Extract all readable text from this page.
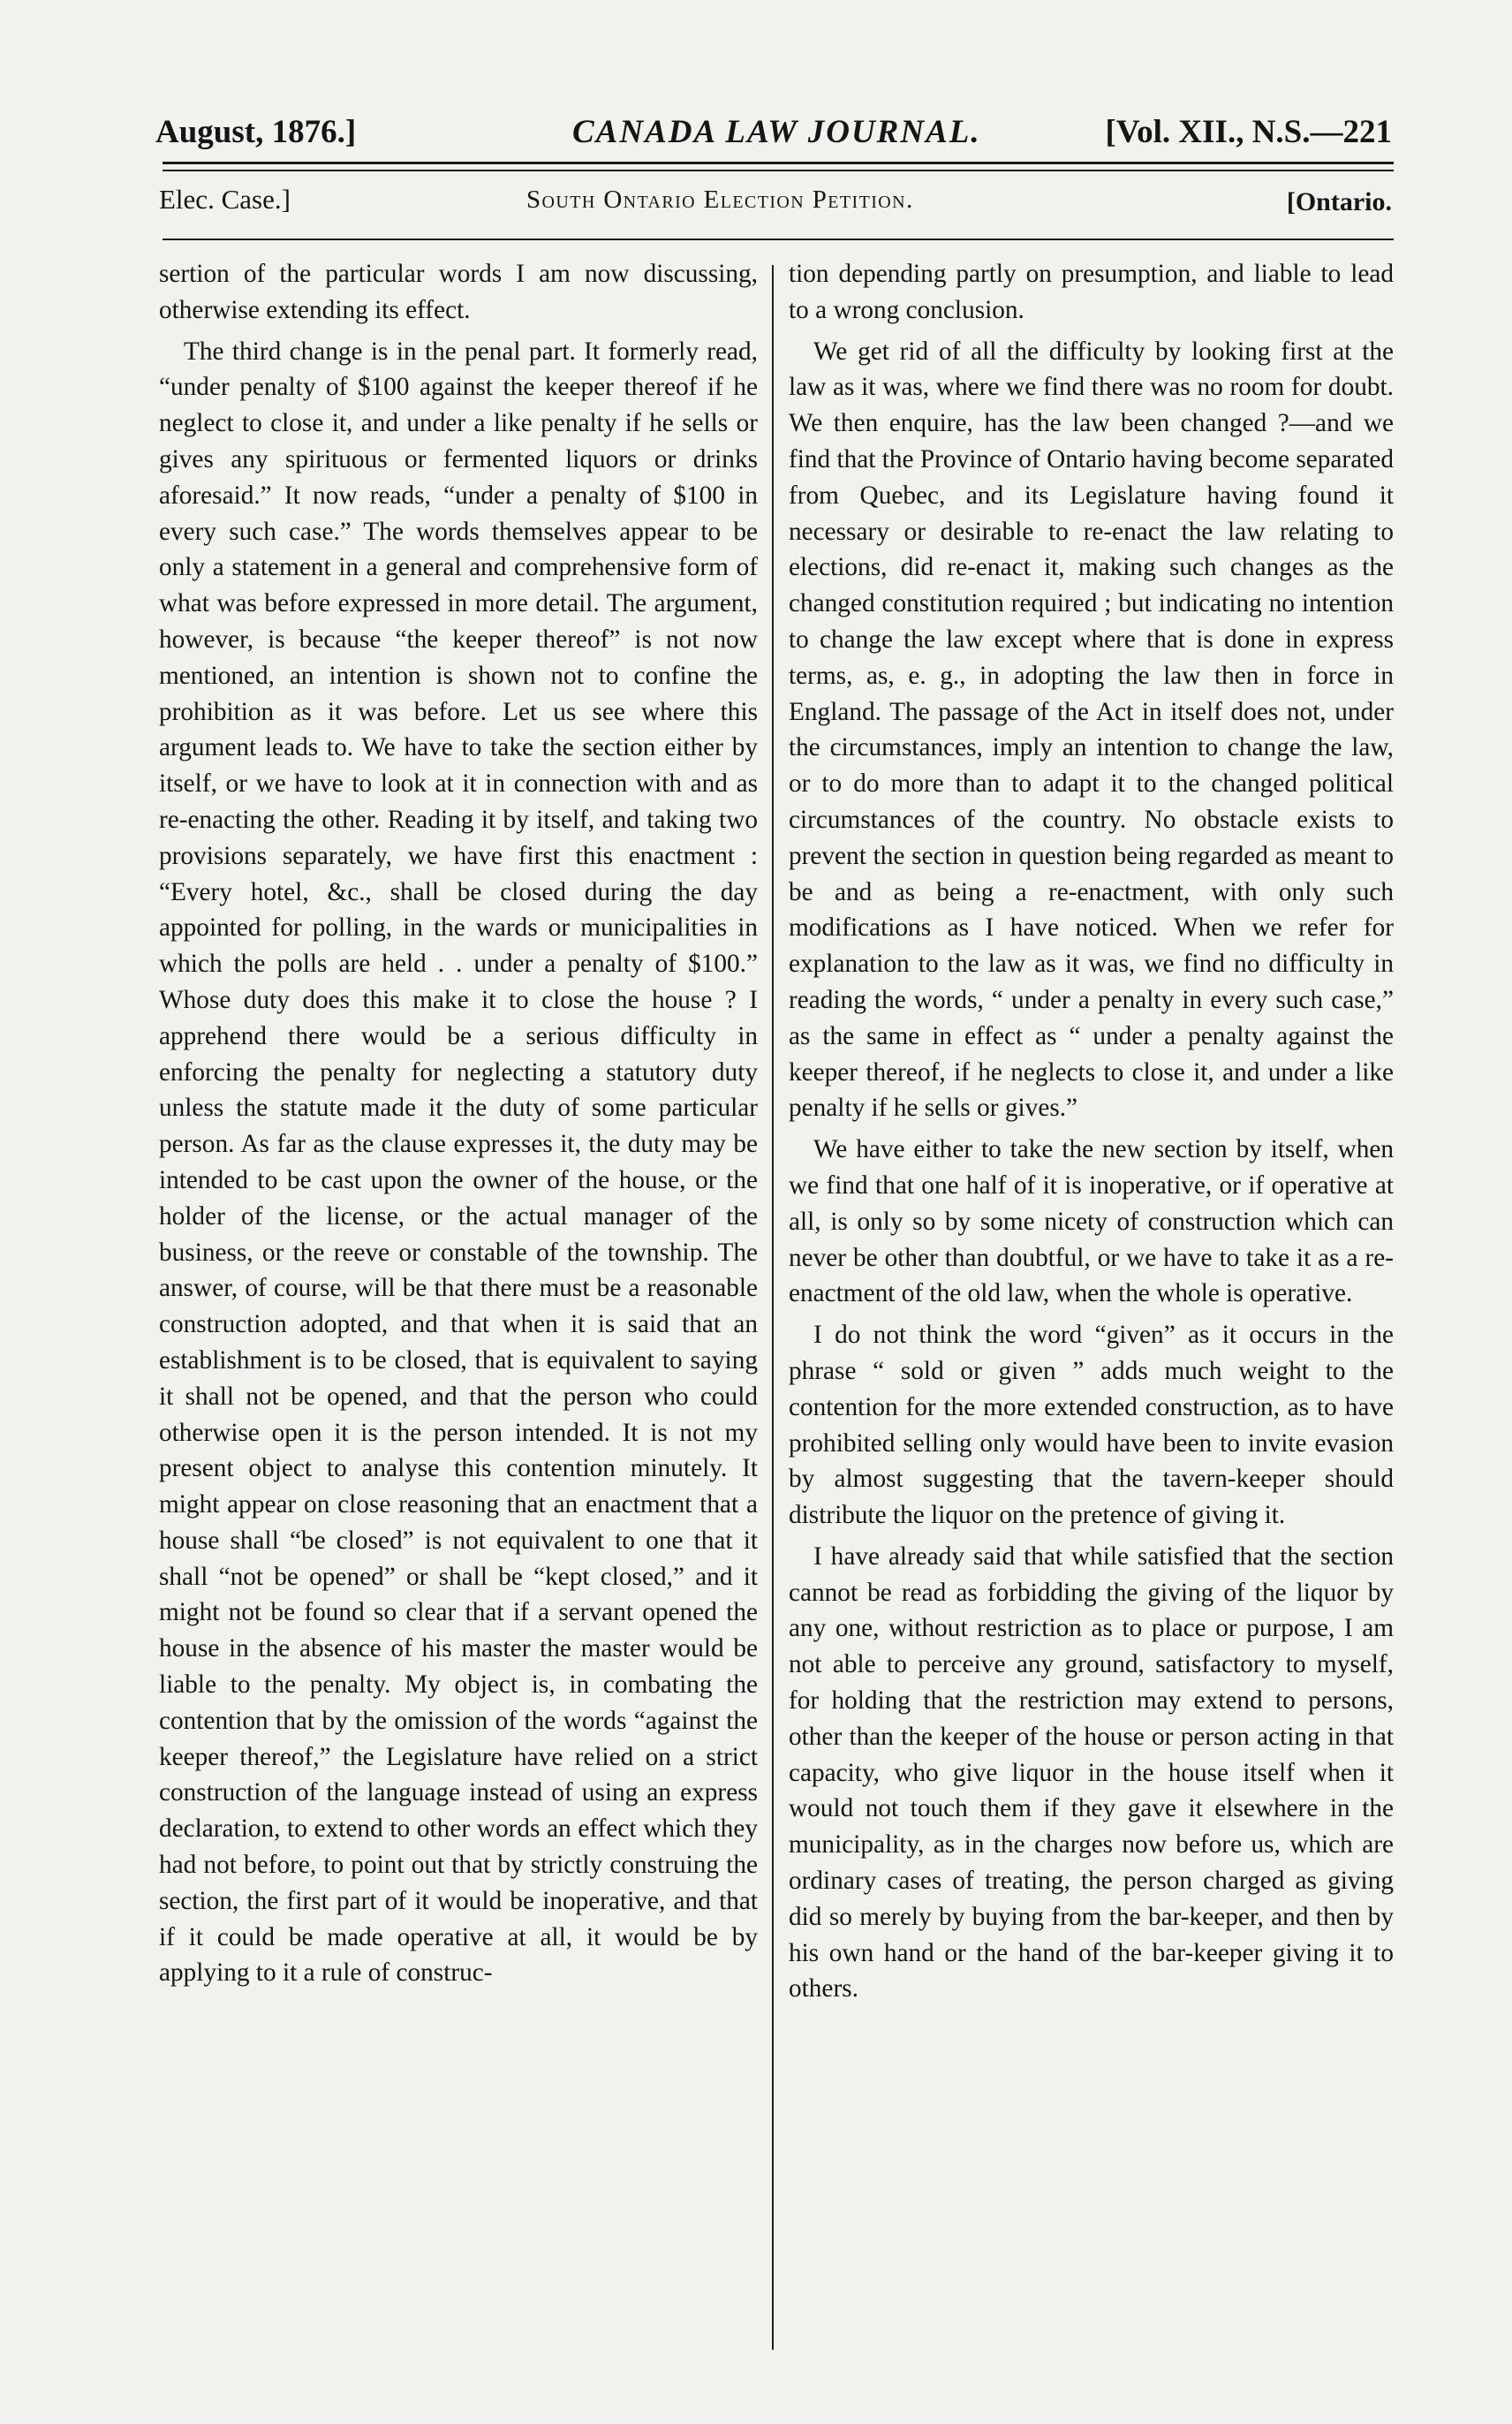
August, 1876.]	CANADA LAW JOURNAL.	[Vol. XII., N.S.—221
Elec. Case.]	South Ontario Election Petition.	[Ontario.

sertion of the particular words I am now discussing, otherwise extending its effect.

The third change is in the penal part. It formerly read, “under penalty of $100 against the keeper thereof if he neglect to close it, and under a like penalty if he sells or gives any spirituous or fermented liquors or drinks aforesaid.” It now reads, “under a penalty of $100 in every such case.” The words themselves appear to be only a statement in a general and comprehensive form of what was before expressed in more detail. The argument, however, is because “the keeper thereof” is not now mentioned, an intention is shown not to confine the prohibition as it was before. Let us see where this argument leads to. We have to take the section either by itself, or we have to look at it in connection with and as re-enacting the other. Reading it by itself, and taking two provisions separately, we have first this enactment : “Every hotel, &c., shall be closed during the day appointed for polling, in the wards or municipalities in which the polls are held . . under a penalty of $100.” Whose duty does this make it to close the house ? I apprehend there would be a serious difficulty in enforcing the penalty for neglecting a statutory duty unless the statute made it the duty of some particular person. As far as the clause expresses it, the duty may be intended to be cast upon the owner of the house, or the holder of the license, or the actual manager of the business, or the reeve or constable of the township. The answer, of course, will be that there must be a reasonable construction adopted, and that when it is said that an establishment is to be closed, that is equivalent to saying it shall not be opened, and that the person who could otherwise open it is the person intended. It is not my present object to analyse this contention minutely. It might appear on close reasoning that an enactment that a house shall “be closed” is not equivalent to one that it shall “not be opened” or shall be “kept closed,” and it might not be found so clear that if a servant opened the house in the absence of his master the master would be liable to the penalty. My object is, in combating the contention that by the omission of the words “against the keeper thereof,” the Legislature have relied on a strict construction of the language instead of using an express declaration, to extend to other words an effect which they had not before, to point out that by strictly construing the section, the first part of it would be inoperative, and that if it could be made operative at all, it would be by applying to it a rule of construc-

tion depending partly on presumption, and liable to lead to a wrong conclusion.

We get rid of all the difficulty by looking first at the law as it was, where we find there was no room for doubt. We then enquire, has the law been changed ?—and we find that the Province of Ontario having become separated from Quebec, and its Legislature having found it necessary or desirable to re-enact the law relating to elections, did re-enact it, making such changes as the changed constitution required ; but indicating no intention to change the law except where that is done in express terms, as, e. g., in adopting the law then in force in England. The passage of the Act in itself does not, under the circumstances, imply an intention to change the law, or to do more than to adapt it to the changed political circumstances of the country. No obstacle exists to prevent the section in question being regarded as meant to be and as being a re-enactment, with only such modifications as I have noticed. When we refer for explanation to the law as it was, we find no difficulty in reading the words, “ under a penalty in every such case,” as the same in effect as “ under a penalty against the keeper thereof, if he neglects to close it, and under a like penalty if he sells or gives.”

We have either to take the new section by itself, when we find that one half of it is inoperative, or if operative at all, is only so by some nicety of construction which can never be other than doubtful, or we have to take it as a re-enactment of the old law, when the whole is operative.

I do not think the word “given” as it occurs in the phrase “ sold or given ” adds much weight to the contention for the more extended construction, as to have prohibited selling only would have been to invite evasion by almost suggesting that the tavern-keeper should distribute the liquor on the pretence of giving it.

I have already said that while satisfied that the section cannot be read as forbidding the giving of the liquor by any one, without restriction as to place or purpose, I am not able to perceive any ground, satisfactory to myself, for holding that the restriction may extend to persons, other than the keeper of the house or person acting in that capacity, who give liquor in the house itself when it would not touch them if they gave it elsewhere in the municipality, as in the charges now before us, which are ordinary cases of treating, the person charged as giving did so merely by buying from the bar-keeper, and then by his own hand or the hand of the bar-keeper giving it to others.
